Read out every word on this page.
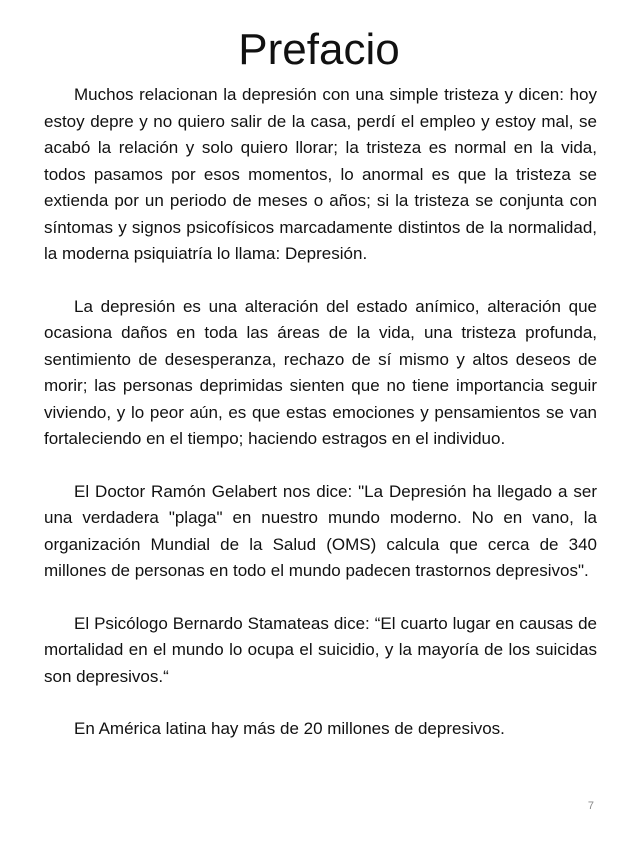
Prefacio

Muchos relacionan la depresión con una simple tristeza y dicen: hoy estoy depre y no quiero salir de la casa, perdí el empleo y estoy mal, se acabó la relación y solo quiero llorar; la tristeza es normal en la vida, todos pasamos por esos momentos, lo anormal es que la tristeza se extienda por un periodo de meses o años; si la tristeza se conjunta con síntomas y signos psicofísicos marcadamente distintos de la normalidad, la moderna psiquiatría lo llama: Depresión.

La depresión es una alteración del estado anímico, alteración que ocasiona daños en toda las áreas de la vida, una tristeza profunda, sentimiento de desesperanza, rechazo de sí mismo y altos deseos de morir; las personas deprimidas sienten que no tiene importancia seguir viviendo, y lo peor aún, es que estas emociones y pensamientos se van fortaleciendo en el tiempo; haciendo estragos en el individuo.

El Doctor Ramón Gelabert nos dice: "La Depresión ha llegado a ser una verdadera "plaga" en nuestro mundo moderno. No en vano, la organización Mundial de la Salud (OMS) calcula que cerca de 340 millones de personas en todo el mundo padecen trastornos depresivos".

El Psicólogo Bernardo Stamateas dice: “El cuarto lugar en causas de mortalidad en el mundo lo ocupa el suicidio, y la mayoría de los suicidas son depresivos.“

En América latina hay más de 20 millones de depresivos.

7
